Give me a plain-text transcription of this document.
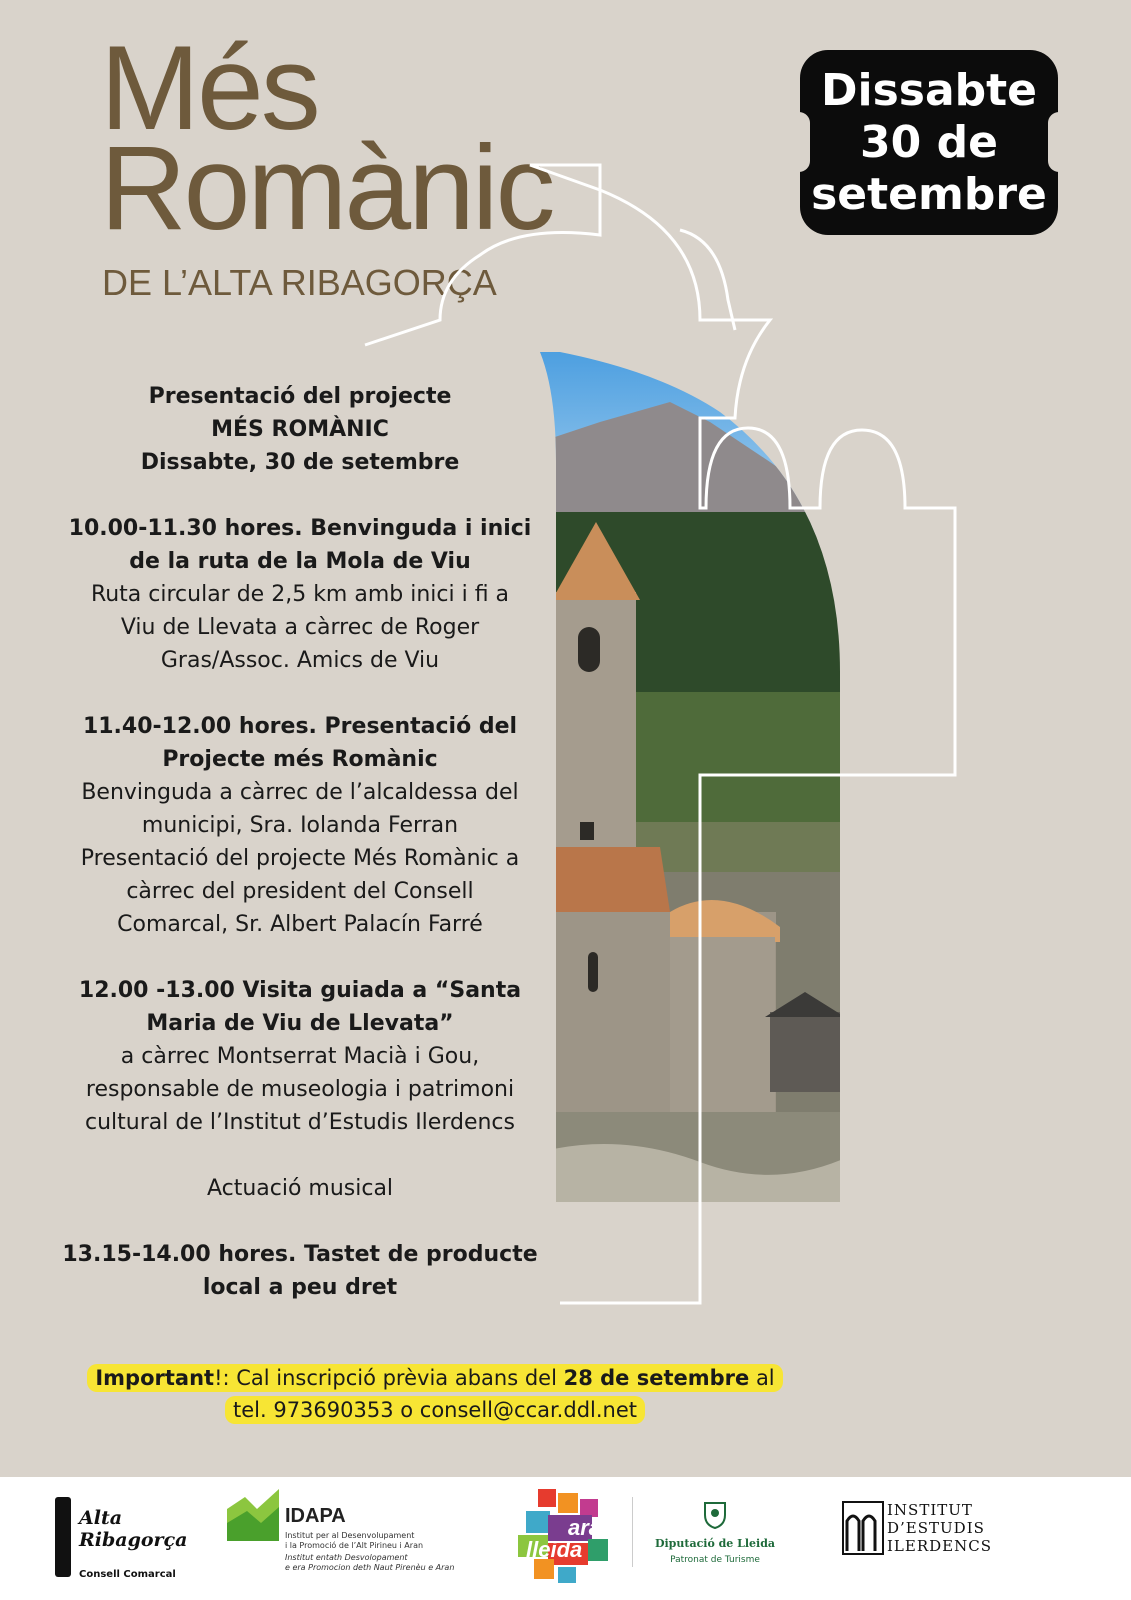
Més
Romànic
DE L’ALTA RIBAGORÇA
Dissabte
30 de
setembre
Presentació del projecte
MÉS ROMÀNIC
Dissabte, 30 de setembre
10.00-11.30 hores. Benvinguda i inici
de la ruta de la Mola de Viu
Ruta circular de 2,5 km amb inici i fi a
Viu de Llevata a càrrec de Roger
Gras/Assoc. Amics de Viu
11.40-12.00 hores. Presentació del
Projecte més Romànic
Benvinguda a càrrec de l’alcaldessa del
municipi, Sra. Iolanda Ferran
Presentació del projecte Més Romànic a
càrrec del president del Consell
Comarcal, Sr. Albert Palacín Farré
12.00 -13.00 Visita guiada a “Santa
Maria de Viu de Llevata”
a càrrec Montserrat Macià i Gou,
responsable de museologia i patrimoni
cultural de l’Institut d’Estudis Ilerdencs
Actuació musical
13.15-14.00 hores. Tastet de producte
local a peu dret
Important!: Cal inscripció prèvia abans del 28 de setembre al
tel. 973690353 o consell@ccar.ddl.net
Alta
Ribagorça
Consell Comarcal
IDAPA
Institut per al Desenvolupament
i la Promoció de l’Alt Pirineu i Aran
Institut entath Desvolopament
e era Promocion deth Naut Pirenèu e Aran
ara
lleida	Diputació de Lleida
Patronat de Turisme
INSTITUT
D’ESTUDIS
ILERDENCS
